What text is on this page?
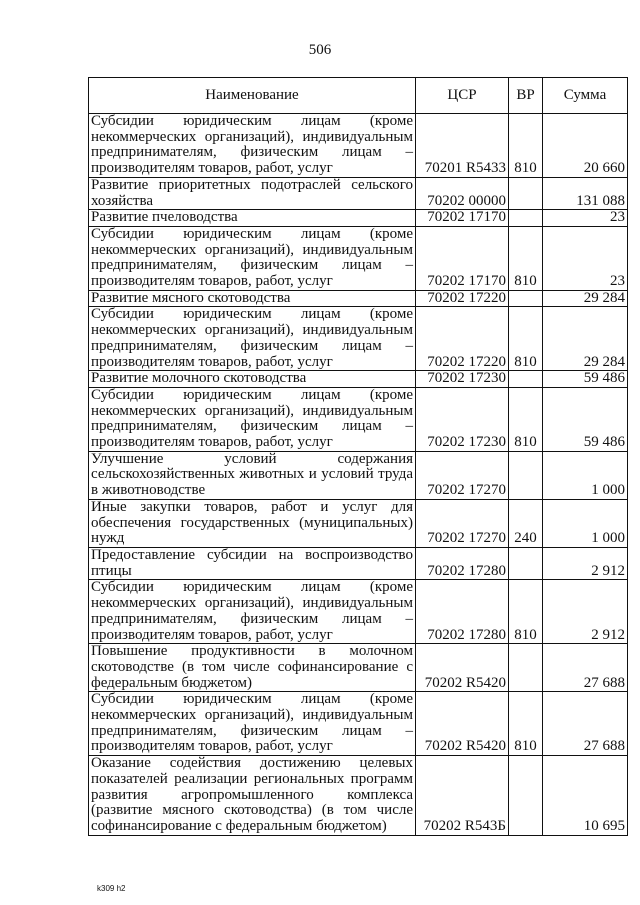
506
Наименование	ЦСР	ВР	Сумма
Субсидии юридическим лицам (кроме некоммерческих организаций), индивидуальным предпринимателям, физическим лицам – производителям товаров, работ, услуг	70201 R5433	810	20 660
Развитие приоритетных подотраслей сельского хозяйства	70202 00000		131 088
Развитие пчеловодства	70202 17170		23
Субсидии юридическим лицам (кроме некоммерческих организаций), индивидуальным предпринимателям, физическим лицам – производителям товаров, работ, услуг	70202 17170	810	23
Развитие мясного скотоводства	70202 17220		29 284
Субсидии юридическим лицам (кроме некоммерческих организаций), индивидуальным предпринимателям, физическим лицам – производителям товаров, работ, услуг	70202 17220	810	29 284
Развитие молочного скотоводства	70202 17230		59 486
Субсидии юридическим лицам (кроме некоммерческих организаций), индивидуальным предпринимателям, физическим лицам – производителям товаров, работ, услуг	70202 17230	810	59 486
Улучшение условий содержания сельскохозяйственных животных и условий труда в животноводстве	70202 17270		1 000
Иные закупки товаров, работ и услуг для обеспечения государственных (муниципальных) нужд	70202 17270	240	1 000
Предоставление субсидии на воспроизводство птицы	70202 17280		2 912
Субсидии юридическим лицам (кроме некоммерческих организаций), индивидуальным предпринимателям, физическим лицам – производителям товаров, работ, услуг	70202 17280	810	2 912
Повышение продуктивности в молочном скотоводстве (в том числе софинансирование с федеральным бюджетом)	70202 R5420		27 688
Субсидии юридическим лицам (кроме некоммерческих организаций), индивидуальным предпринимателям, физическим лицам – производителям товаров, работ, услуг	70202 R5420	810	27 688
Оказание содействия достижению целевых показателей реализации региональных программ развития агропромышленного комплекса (развитие мясного скотоводства) (в том числе софинансирование с федеральным бюджетом)	70202 R543Б		10 695
k309 h2
